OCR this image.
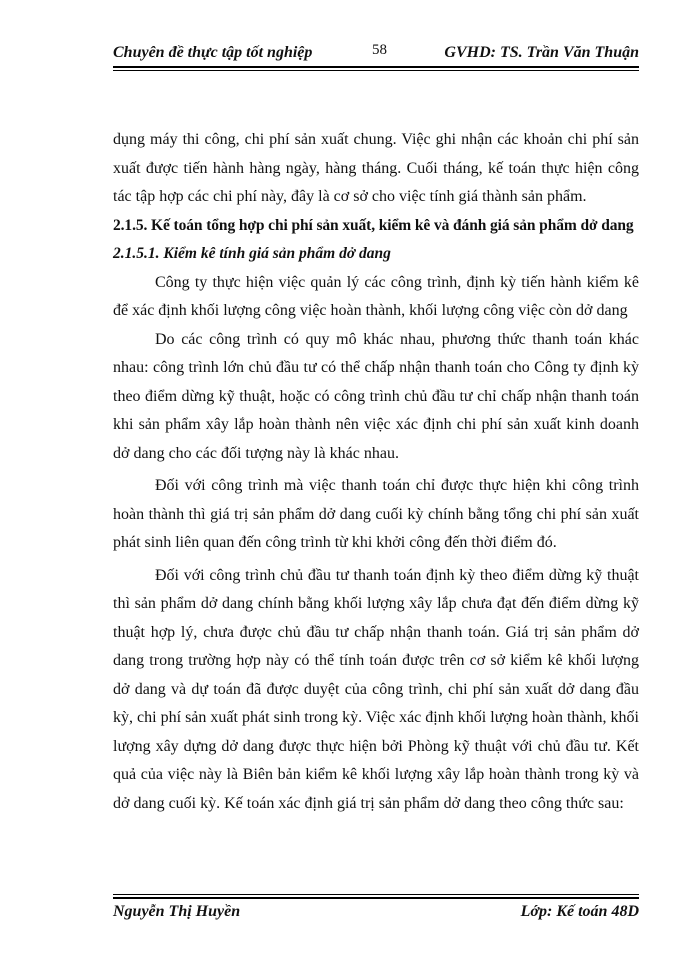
Chuyên đề thực tập tốt nghiệp	58	GVHD: TS. Trần Văn Thuận

dụng máy thi công, chi phí sản xuất chung. Việc ghi nhận các khoản chi phí sản xuất được tiến hành hàng ngày, hàng tháng. Cuối tháng, kế toán thực hiện công tác tập hợp các chi phí này, đây là cơ sở cho việc tính giá thành sản phẩm.

2.1.5. Kế toán tổng hợp chi phí sản xuất, kiểm kê và đánh giá sản phẩm dở dang

2.1.5.1. Kiểm kê tính giá sản phẩm dở dang

Công ty thực hiện việc quản lý các công trình, định kỳ tiến hành kiểm kê để xác định khối lượng công việc hoàn thành, khối lượng công việc còn dở dang

Do các công trình có quy mô khác nhau, phương thức thanh toán khác nhau: công trình lớn chủ đầu tư có thể chấp nhận thanh toán cho Công ty định kỳ theo điểm dừng kỹ thuật, hoặc có công trình chủ đầu tư chỉ chấp nhận thanh toán khi sản phẩm xây lắp hoàn thành nên việc xác định chi phí sản xuất kinh doanh dở dang cho các đối tượng này là khác nhau.

Đối với công trình mà việc thanh toán chỉ được thực hiện khi công trình hoàn thành thì giá trị sản phẩm dở dang cuối kỳ chính bằng tổng chi phí sản xuất phát sinh liên quan đến công trình từ khi khởi công đến thời điểm đó.

Đối với công trình chủ đầu tư thanh toán định kỳ theo điểm dừng kỹ thuật thì sản phẩm dở dang chính bằng khối lượng xây lắp chưa đạt đến điểm dừng kỹ thuật hợp lý, chưa được chủ đầu tư chấp nhận thanh toán. Giá trị sản phẩm dở dang trong trường hợp này có thể tính toán được trên cơ sở kiểm kê khối lượng dở dang và dự toán đã được duyệt của công trình, chi phí sản xuất dở dang đầu kỳ, chi phí sản xuất phát sinh trong kỳ. Việc xác định khối lượng hoàn thành, khối lượng xây dựng dở dang được thực hiện bởi Phòng kỹ thuật với chủ đầu tư. Kết quả của việc này là Biên bản kiểm kê khối lượng xây lắp hoàn thành trong kỳ và dở dang cuối kỳ. Kế toán xác định giá trị sản phẩm dở dang theo công thức sau:

Nguyễn Thị Huyền	Lớp: Kế toán 48D
